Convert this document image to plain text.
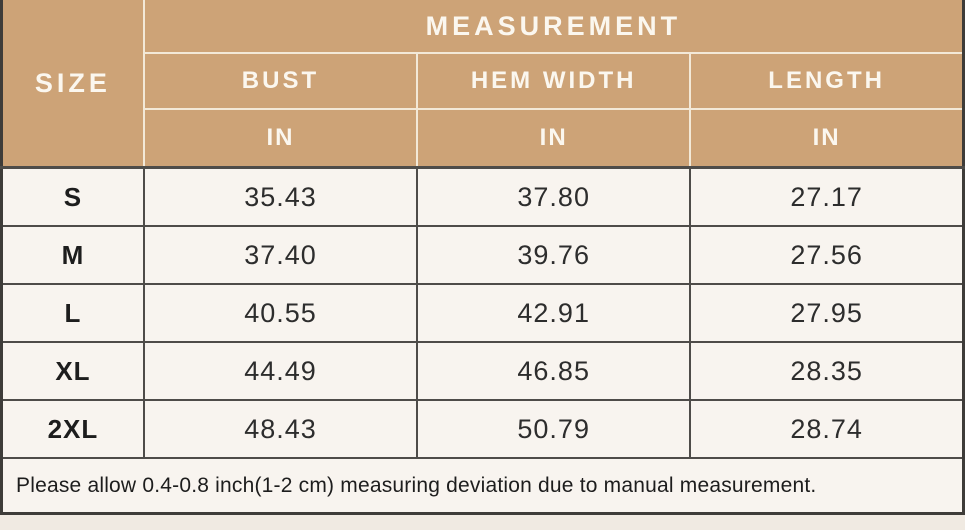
SIZE	MEASUREMENT		
	BUST	HEM WIDTH	LENGTH
	IN	IN	IN
S	35.43	37.80	27.17
M	37.40	39.76	27.56
L	40.55	42.91	27.95
XL	44.49	46.85	28.35
2XL	48.43	50.79	28.74
Please allow 0.4-0.8 inch(1-2 cm) measuring deviation due to manual measurement.			
